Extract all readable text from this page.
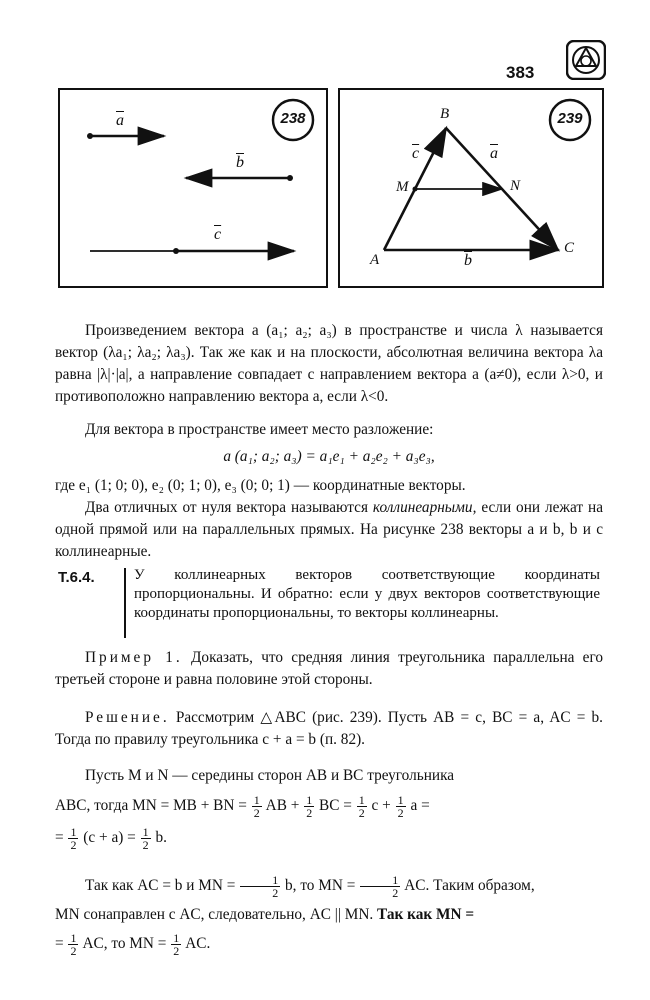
383
$\overline{a}$
$\overline{b}$
$\overline{c}$
238	B
M	N
A
C
$\overline{c}$	$\overline{a}$
$\overline{b}$
239
Произведением вектора a (a₁; a₂; a₃) в пространстве и числа λ называется вектор (λa₁; λa₂; λa₃). Так же как и на плоскости, абсолютная величина вектора λa равна |λ|·|a|, а направление совпадает с направлением вектора a (a≠0), если λ>0, и противоположно направлению вектора a, если λ<0.
Для вектора в пространстве имеет место разложение:
a (a₁; a₂; a₃) = a₁e₁ + a₂e₂ + a₃e₃,
где e₁ (1; 0; 0), e₂ (0; 1; 0), e₃ (0; 0; 1) — координатные векторы.
Два отличных от нуля вектора называются коллинеарными, если они лежат на одной прямой или на параллельных прямых. На рисунке 238 векторы a и b, b и c коллинеарные.
Т.6.4.	У коллинеарных векторов соответствующие координаты пропорциональны. И обратно: если у двух векторов соответствующие координаты пропорциональны, то векторы коллинеарны.
Пример 1. Доказать, что средняя линия треугольника параллельна его третьей стороне и равна половине этой стороны.
Решение. Рассмотрим △ABC (рис. 239). Пусть AB = c, BC = a, AC = b. Тогда по правилу треугольника c + a = b (п. 82).
Пусть M и N — середины сторон AB и BC треугольника
ABC, тогда MN = MB + BN = $\frac{1}{2}$ AB + $\frac{1}{2}$ BC = $\frac{1}{2}$ $c + \frac{1}{2}$ a =
= $\frac{1}{2} (c + a) = \frac{1}{2} b$.
Так как AC = b и MN = $\frac{1}{2} b$, то MN = $\frac{1}{2}$ AC. Таким образом,
MN сонаправлен с AC, следовательно, AC || MN. Так как MN =
= $\frac{1}{2}$ AC, то MN = $\frac{1}{2}$ AC.
